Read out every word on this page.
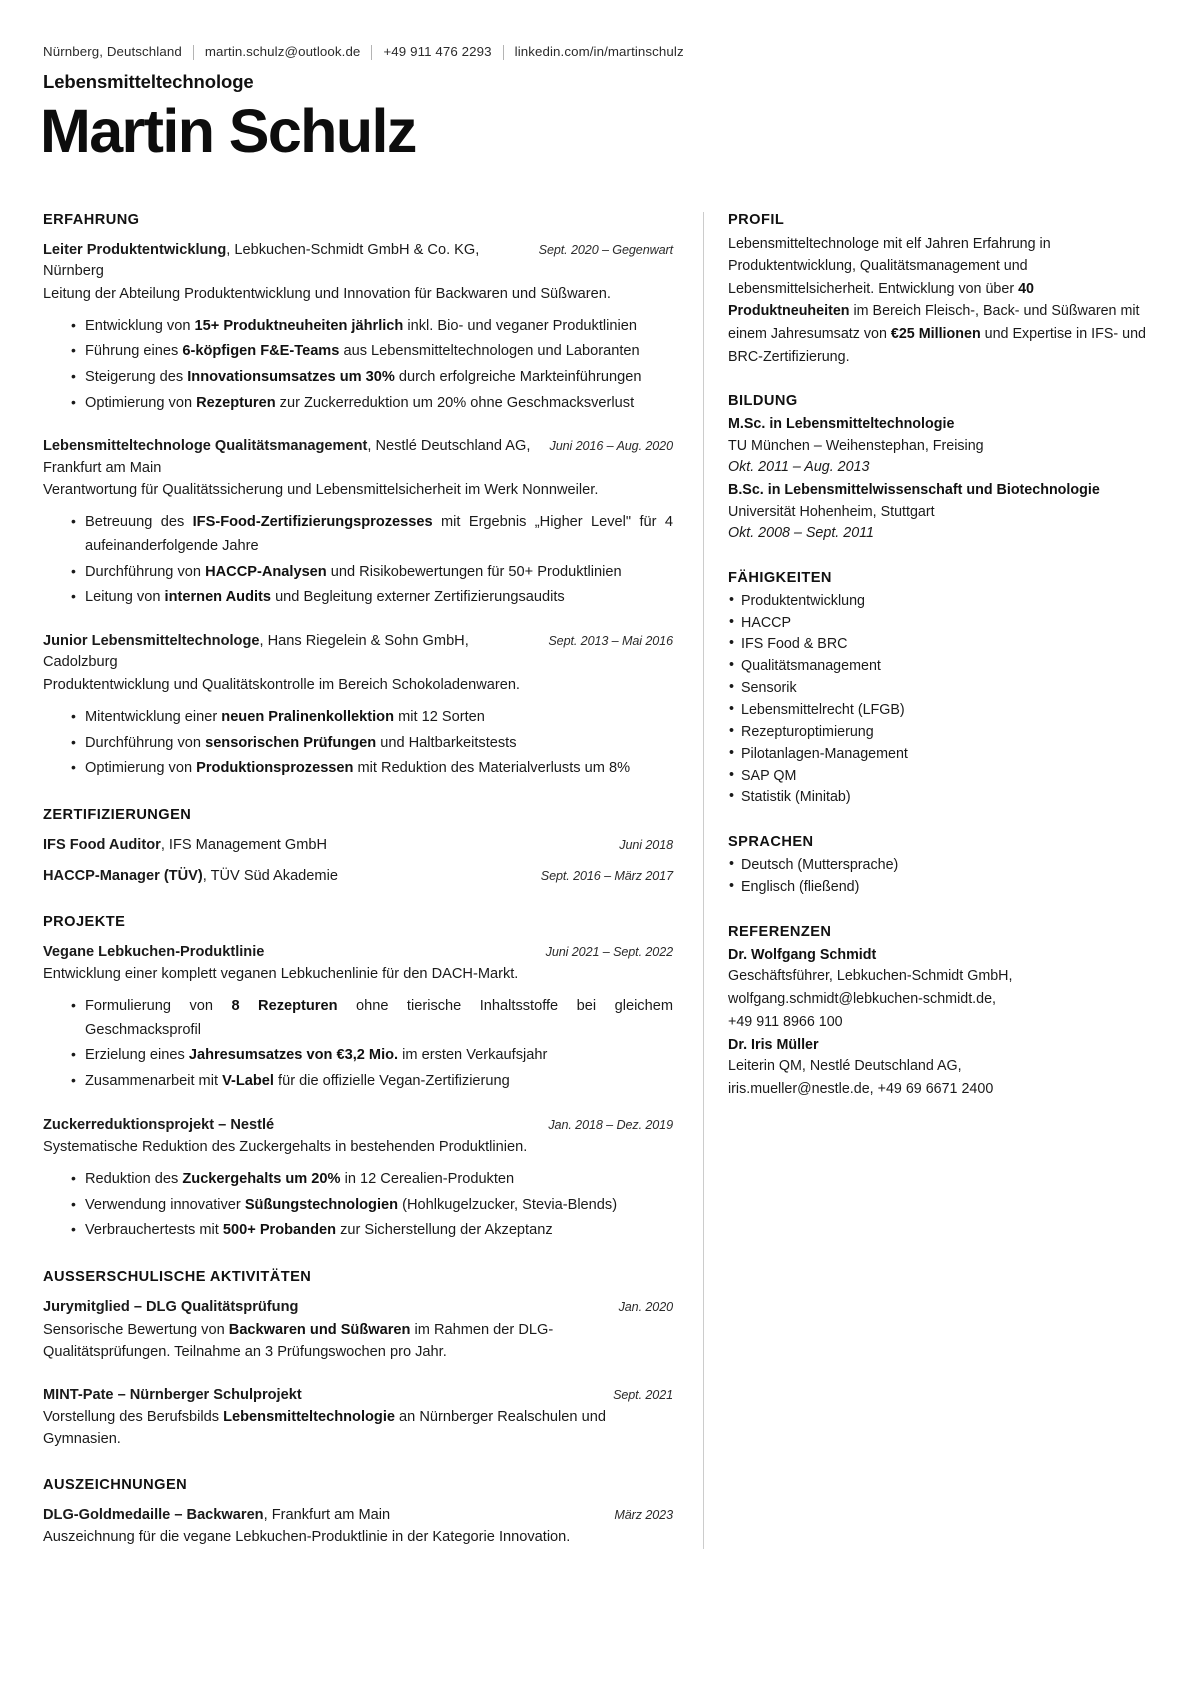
Nürnberg, Deutschland martin.schulz@outlook.de +49 911 476 2293 linkedin.com/in/martinschulz
Lebensmitteltechnologe
Martin Schulz
ERFAHRUNG
Leiter Produktentwicklung, Lebkuchen-Schmidt GmbH & Co. KG, Nürnberg
Sept. 2020 – Gegenwart
Leitung der Abteilung Produktentwicklung und Innovation für Backwaren und Süßwaren.
• Entwicklung von 15+ Produktneuheiten jährlich inkl. Bio- und veganer Produktlinien
• Führung eines 6-köpfigen F&E-Teams aus Lebensmitteltechnologen und Laboranten
• Steigerung des Innovationsumsatzes um 30% durch erfolgreiche Markteinführungen
• Optimierung von Rezepturen zur Zuckerreduktion um 20% ohne Geschmacksverlust
Lebensmitteltechnologe Qualitätsmanagement, Nestlé Deutschland AG, Frankfurt am Main
Juni 2016 – Aug. 2020
Verantwortung für Qualitätssicherung und Lebensmittelsicherheit im Werk Nonnweiler.
• Betreuung des IFS-Food-Zertifizierungsprozesses mit Ergebnis „Higher Level" für 4 aufeinanderfolgende Jahre
• Durchführung von HACCP-Analysen und Risikobewertungen für 50+ Produktlinien
• Leitung von internen Audits und Begleitung externer Zertifizierungsaudits
Junior Lebensmitteltechnologe, Hans Riegelein & Sohn GmbH, Cadolzburg
Sept. 2013 – Mai 2016
Produktentwicklung und Qualitätskontrolle im Bereich Schokoladenwaren.
• Mitentwicklung einer neuen Pralinenkollektion mit 12 Sorten
• Durchführung von sensorischen Prüfungen und Haltbarkeitstests
• Optimierung von Produktionsprozessen mit Reduktion des Materialverlusts um 8%
ZERTIFIZIERUNGEN
IFS Food Auditor, IFS Management GmbH	Juni 2018
HACCP-Manager (TÜV), TÜV Süd Akademie	Sept. 2016 – März 2017
PROJEKTE
Vegane Lebkuchen-Produktlinie	Juni 2021 – Sept. 2022
Entwicklung einer komplett veganen Lebkuchenlinie für den DACH-Markt.
• Formulierung von 8 Rezepturen ohne tierische Inhaltsstoffe bei gleichem Geschmacksprofil
• Erzielung eines Jahresumsatzes von €3,2 Mio. im ersten Verkaufsjahr
• Zusammenarbeit mit V-Label für die offizielle Vegan-Zertifizierung
Zuckerreduktionsprojekt – Nestlé	Jan. 2018 – Dez. 2019
Systematische Reduktion des Zuckergehalts in bestehenden Produktlinien.
• Reduktion des Zuckergehalts um 20% in 12 Cerealien-Produkten
• Verwendung innovativer Süßungstechnologien (Hohlkugelzucker, Stevia-Blends)
• Verbrauchertests mit 500+ Probanden zur Sicherstellung der Akzeptanz
AUSSERSCHULISCHE AKTIVITÄTEN
Jurymitglied – DLG Qualitätsprüfung	Jan. 2020
Sensorische Bewertung von Backwaren und Süßwaren im Rahmen der DLG-Qualitätsprüfungen. Teilnahme an 3 Prüfungswochen pro Jahr.
MINT-Pate – Nürnberger Schulprojekt	Sept. 2021
Vorstellung des Berufsbilds Lebensmitteltechnologie an Nürnberger Realschulen und Gymnasien.
AUSZEICHNUNGEN
DLG-Goldmedaille – Backwaren, Frankfurt am Main	März 2023
Auszeichnung für die vegane Lebkuchen-Produktlinie in der Kategorie Innovation.
PROFIL
Lebensmitteltechnologe mit elf Jahren Erfahrung in Produktentwicklung, Qualitätsmanagement und Lebensmittelsicherheit. Entwicklung von über 40 Produktneuheiten im Bereich Fleisch-, Back- und Süßwaren mit einem Jahresumsatz von €25 Millionen und Expertise in IFS- und BRC-Zertifizierung.
BILDUNG
M.Sc. in Lebensmitteltechnologie
TU München – Weihenstephan, Freising
Okt. 2011 – Aug. 2013
B.Sc. in Lebensmittelwissenschaft und Biotechnologie
Universität Hohenheim, Stuttgart
Okt. 2008 – Sept. 2011
FÄHIGKEITEN
• Produktentwicklung
• HACCP
• IFS Food & BRC
• Qualitätsmanagement
• Sensorik
• Lebensmittelrecht (LFGB)
• Rezepturoptimierung
• Pilotanlagen-Management
• SAP QM
• Statistik (Minitab)
SPRACHEN
• Deutsch (Muttersprache)
• Englisch (fließend)
REFERENZEN
Dr. Wolfgang Schmidt
Geschäftsführer, Lebkuchen-Schmidt GmbH,
wolfgang.schmidt@lebkuchen-schmidt.de,
+49 911 8966 100
Dr. Iris Müller
Leiterin QM, Nestlé Deutschland AG,
iris.mueller@nestle.de, +49 69 6671 2400
